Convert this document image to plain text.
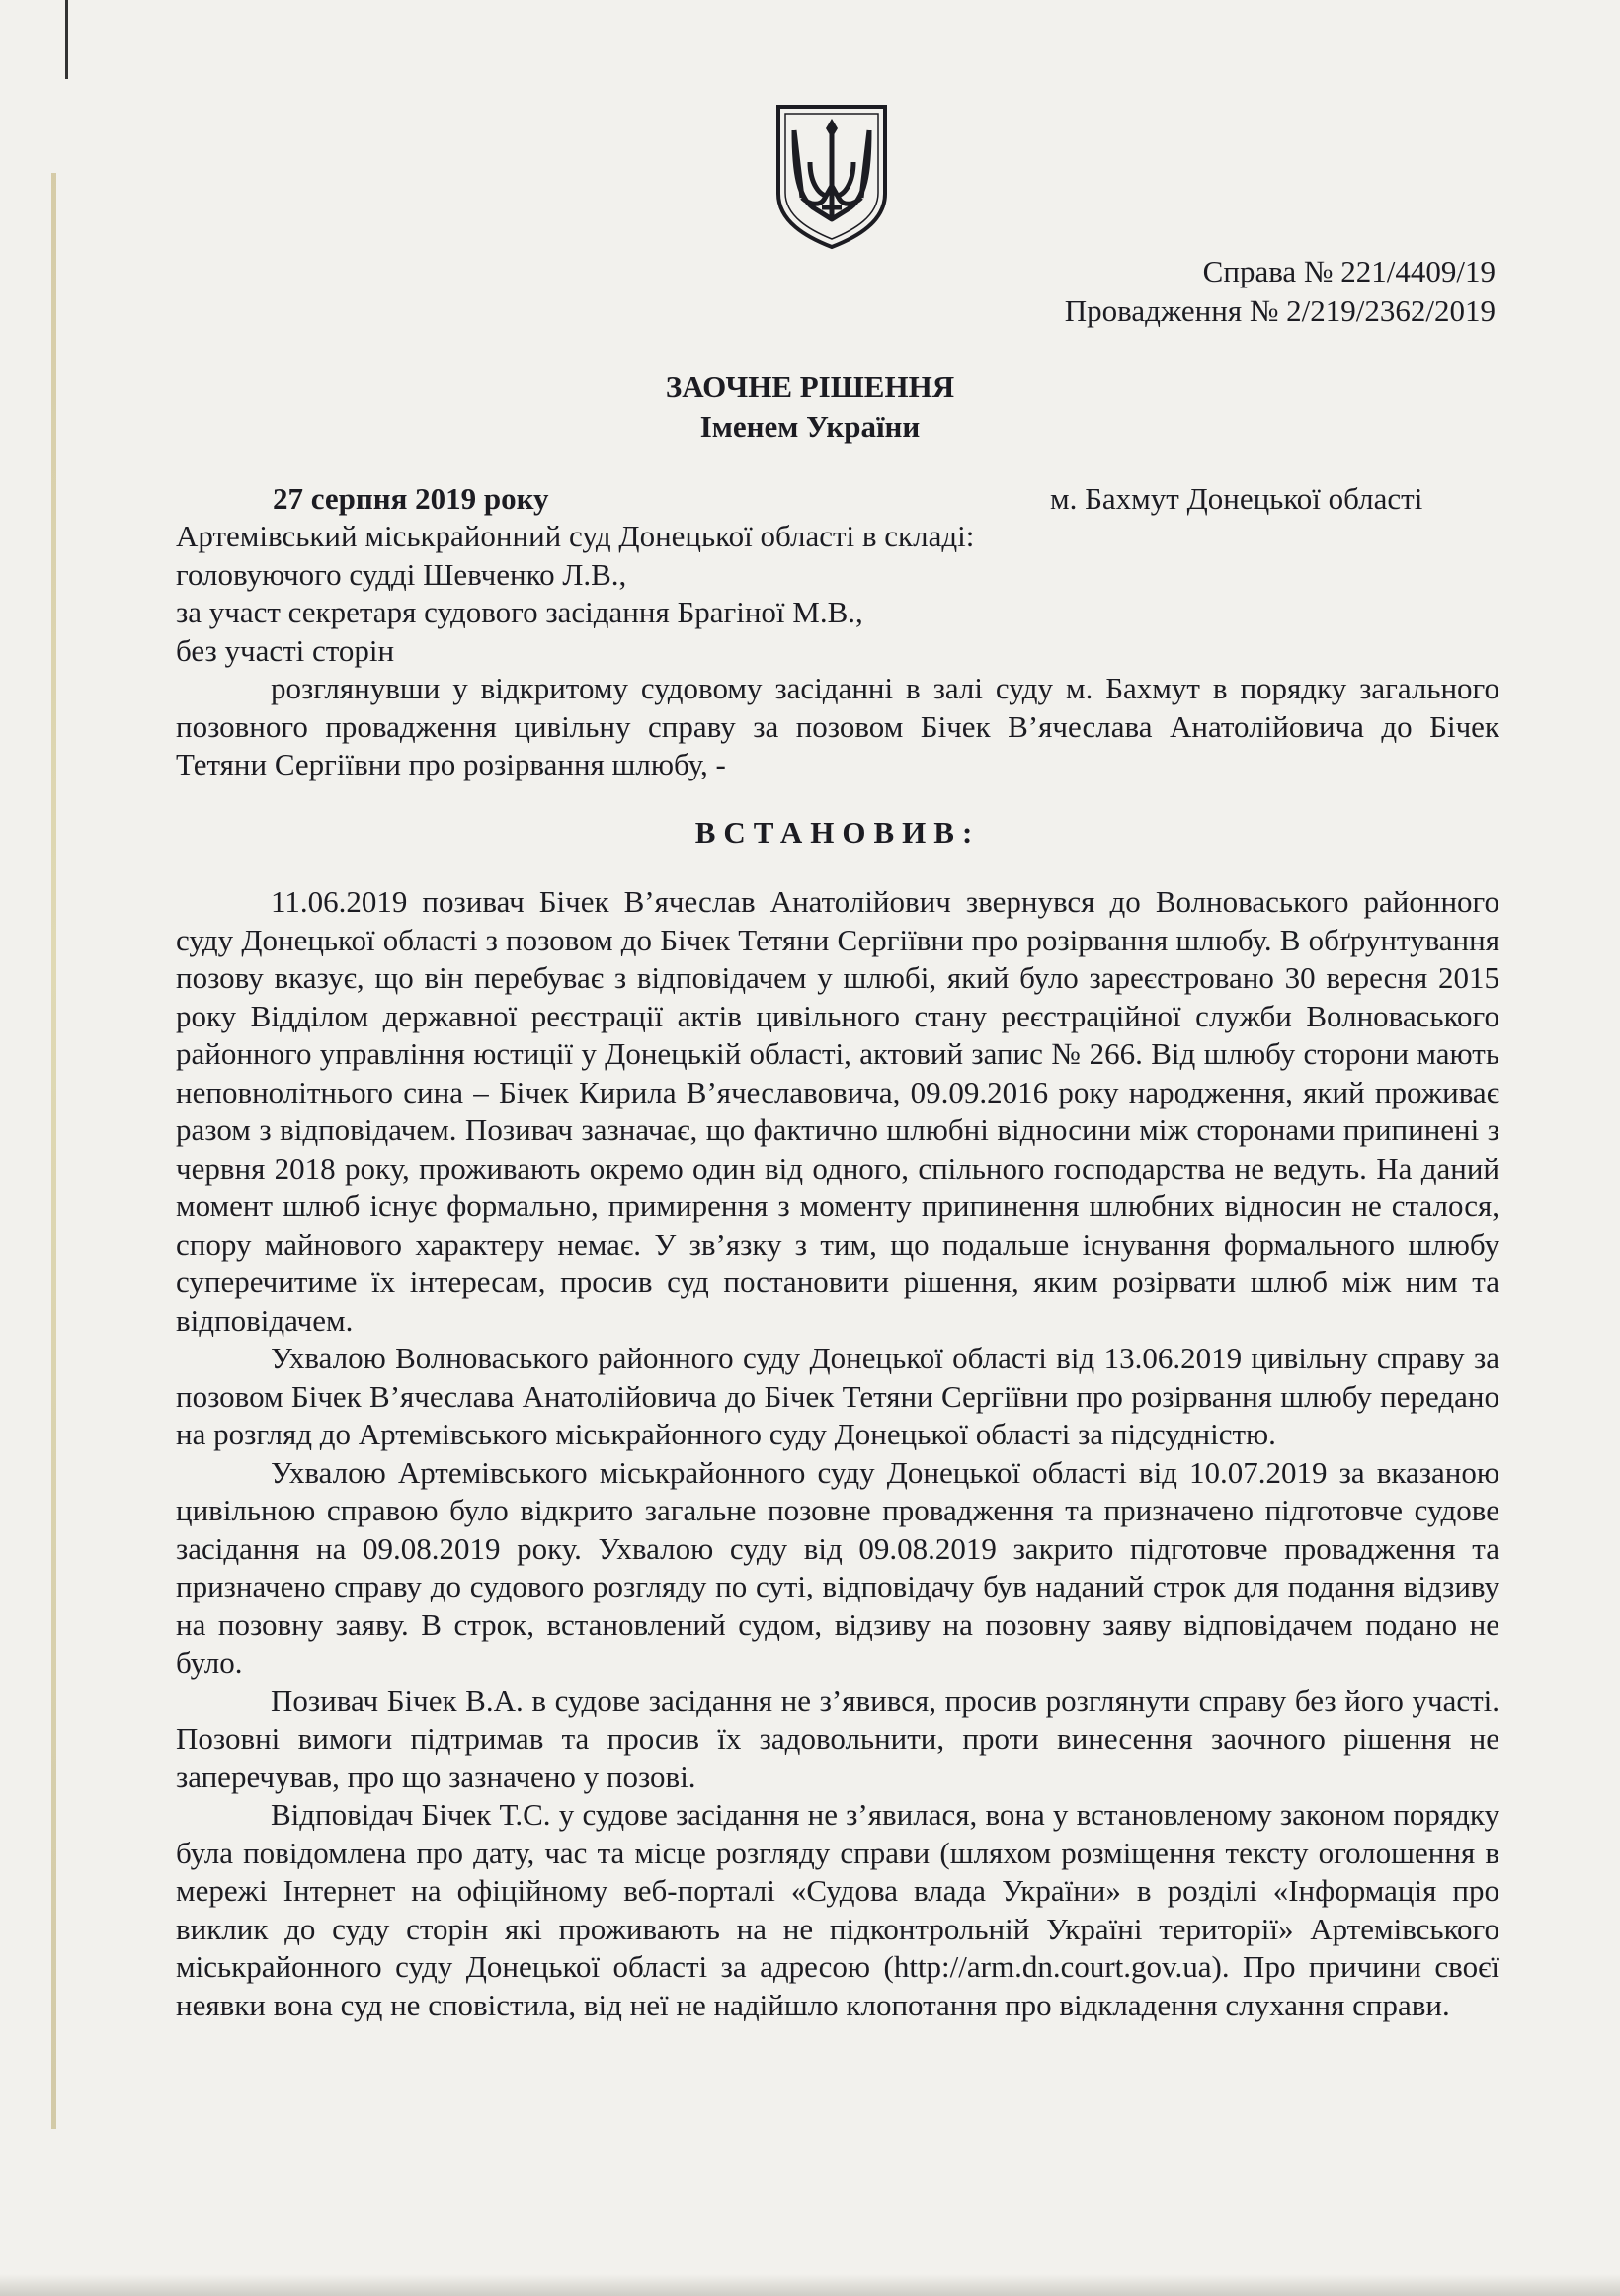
Справа № 221/4409/19
Провадження № 2/219/2362/2019
ЗАОЧНЕ РІШЕННЯ
Іменем України
27 серпня 2019 року	м. Бахмут Донецької області

Артемівський міськрайонний суд Донецької області в складі:

головуючого судді Шевченко Л.В.,

за участ секретаря судового засідання Брагіної М.В.,

без участі сторін

розглянувши у відкритому судовому засіданні в залі суду м. Бахмут в порядку загального позовного провадження цивільну справу за позовом Бічек В’ячеслава Анатолійовича до Бічек Тетяни Сергіївни про розірвання шлюбу, -

ВСТАНОВИВ:

11.06.2019 позивач Бічек В’ячеслав Анатолійович звернувся до Волноваського районного суду Донецької області з позовом до Бічек Тетяни Сергіївни про розірвання шлюбу. В обґрунтування позову вказує, що він перебуває з відповідачем у шлюбі, який було зареєстровано 30 вересня 2015 року Відділом державної реєстрації актів цивільного стану реєстраційної служби Волноваського районного управління юстиції у Донецькій області, актовий запис № 266. Від шлюбу сторони мають неповнолітнього сина – Бічек Кирила В’ячеславовича, 09.09.2016 року народження, який проживає разом з відповідачем. Позивач зазначає, що фактично шлюбні відносини між сторонами припинені з червня 2018 року, проживають окремо один від одного, спільного господарства не ведуть. На даний момент шлюб існує формально, примирення з моменту припинення шлюбних відносин не сталося, спору майнового характеру немає. У зв’язку з тим, що подальше існування формального шлюбу суперечитиме їх інтересам, просив суд постановити рішення, яким розірвати шлюб між ним та відповідачем.

Ухвалою Волноваського районного суду Донецької області від 13.06.2019 цивільну справу за позовом Бічек В’ячеслава Анатолійовича до Бічек Тетяни Сергіївни про розірвання шлюбу передано на розгляд до Артемівського міськрайонного суду Донецької області за підсудністю.

Ухвалою Артемівського міськрайонного суду Донецької області від 10.07.2019 за вказаною цивільною справою було відкрито загальне позовне провадження та призначено підготовче судове засідання на 09.08.2019 року. Ухвалою суду від 09.08.2019 закрито підготовче провадження та призначено справу до судового розгляду по суті, відповідачу був наданий строк для подання відзиву на позовну заяву. В строк, встановлений судом, відзиву на позовну заяву відповідачем подано не було.

Позивач Бічек В.А. в судове засідання не з’явився, просив розглянути справу без його участі. Позовні вимоги підтримав та просив їх задовольнити, проти винесення заочного рішення не заперечував, про що зазначено у позові.

Відповідач Бічек Т.С. у судове засідання не з’явилася, вона у встановленому законом порядку була повідомлена про дату, час та місце розгляду справи (шляхом розміщення тексту оголошення в мережі Інтернет на офіційному веб-порталі «Судова влада України» в розділі «Інформація про виклик до суду сторін які проживають на не підконтрольній Україні території» Артемівського міськрайонного суду Донецької області за адресою (http://arm.dn.court.gov.ua). Про причини своєї неявки вона суд не сповістила, від неї не надійшло клопотання про відкладення слухання справи.
